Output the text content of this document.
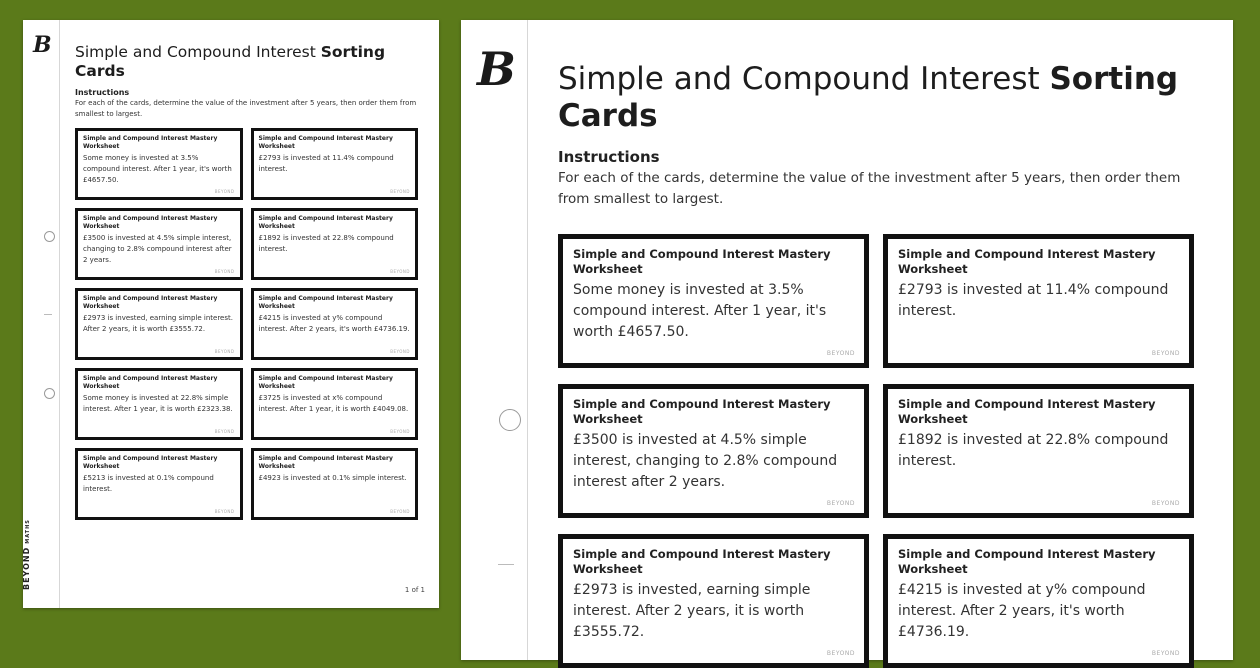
B
BEYONDMATHS
Simple and Compound Interest Sorting Cards
Instructions
For each of the cards, determine the value of the investment after 5 years, then order them from smallest to largest.
Simple and Compound Interest Mastery Worksheet
Some money is invested at 3.5% compound interest. After 1 year, it's worth £4657.50.
BEYOND
Simple and Compound Interest Mastery Worksheet
£2793 is invested at 11.4% compound interest.
BEYOND
Simple and Compound Interest Mastery Worksheet
£3500 is invested at 4.5% simple interest, changing to 2.8% compound interest after 2 years.
BEYOND
Simple and Compound Interest Mastery Worksheet
£1892 is invested at 22.8% compound interest.
BEYOND
Simple and Compound Interest Mastery Worksheet
£2973 is invested, earning simple interest. After 2 years, it is worth £3555.72.
BEYOND
Simple and Compound Interest Mastery Worksheet
£4215 is invested at y% compound interest. After 2 years, it's worth £4736.19.
BEYOND
Simple and Compound Interest Mastery Worksheet
Some money is invested at 22.8% simple interest. After 1 year, it is worth £2323.38.
BEYOND
Simple and Compound Interest Mastery Worksheet
£3725 is invested at x% compound interest. After 1 year, it is worth £4049.08.
BEYOND
Simple and Compound Interest Mastery Worksheet
£5213 is invested at 0.1% compound interest.
BEYOND
Simple and Compound Interest Mastery Worksheet
£4923 is invested at 0.1% simple interest.
BEYOND
1 of 1
B Simple and Compound Interest Sorting Cards
Instructions
For each of the cards, determine the value of the investment after 5 years, then order them from smallest to largest.
Simple and Compound Interest Mastery Worksheet
Some money is invested at 3.5% compound interest. After 1 year, it's worth £4657.50.
BEYOND
Simple and Compound Interest Mastery Worksheet
£2793 is invested at 11.4% compound interest.
BEYOND
Simple and Compound Interest Mastery Worksheet
£3500 is invested at 4.5% simple interest, changing to 2.8% compound interest after 2 years.
BEYOND
Simple and Compound Interest Mastery Worksheet
£1892 is invested at 22.8% compound interest.
BEYOND
Simple and Compound Interest Mastery Worksheet
£2973 is invested, earning simple interest. After 2 years, it is worth £3555.72.
BEYOND
Simple and Compound Interest Mastery Worksheet
£4215 is invested at y% compound interest. After 2 years, it's worth £4736.19.
BEYOND
